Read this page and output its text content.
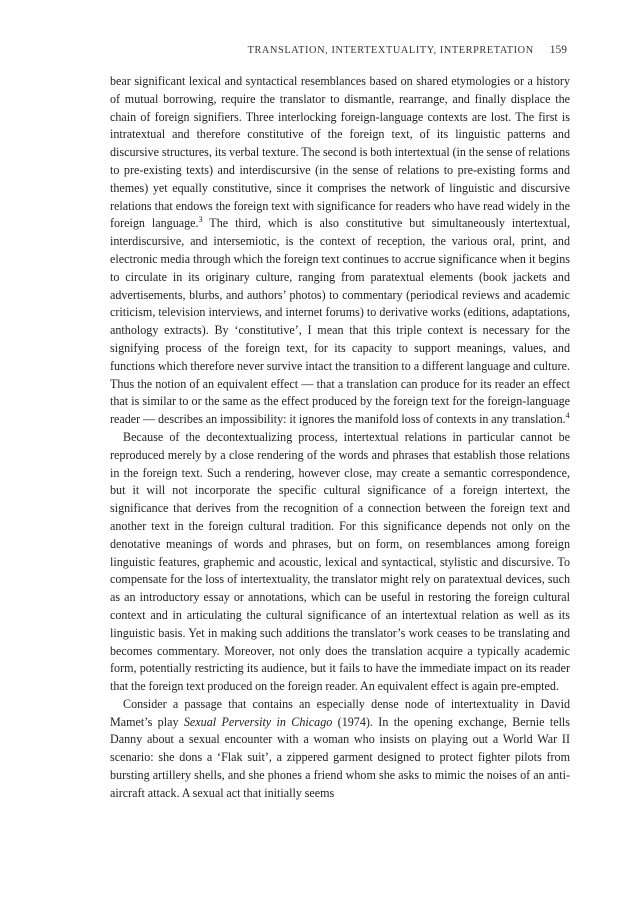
TRANSLATION, INTERTEXTUALITY, INTERPRETATION 159

bear significant lexical and syntactical resemblances based on shared etymologies or a history of mutual borrowing, require the translator to dismantle, rearrange, and finally displace the chain of foreign signifiers. Three interlocking foreign-language contexts are lost. The first is intratextual and therefore constitutive of the foreign text, of its linguistic patterns and discursive structures, its verbal texture. The second is both intertextual (in the sense of relations to pre-existing texts) and interdiscursive (in the sense of relations to pre-existing forms and themes) yet equally constitutive, since it comprises the network of linguistic and discursive relations that endows the foreign text with significance for readers who have read widely in the foreign language.$^3$ The third, which is also constitutive but simultaneously intertextual, interdiscursive, and intersemiotic, is the context of reception, the various oral, print, and electronic media through which the foreign text continues to accrue significance when it begins to circulate in its originary culture, ranging from paratextual elements (book jackets and advertisements, blurbs, and authors’ photos) to commentary (periodical reviews and academic criticism, television interviews, and internet forums) to derivative works (editions, adaptations, anthology extracts). By ‘constitutive’, I mean that this triple context is necessary for the signifying process of the foreign text, for its capacity to support meanings, values, and functions which therefore never survive intact the transition to a different language and culture. Thus the notion of an equivalent effect — that a translation can produce for its reader an effect that is similar to or the same as the effect produced by the foreign text for the foreign-language reader — describes an impossibility: it ignores the manifold loss of contexts in any translation.$^4$

Because of the decontextualizing process, intertextual relations in particular cannot be reproduced merely by a close rendering of the words and phrases that establish those relations in the foreign text. Such a rendering, however close, may create a semantic correspondence, but it will not incorporate the specific cultural significance of a foreign intertext, the significance that derives from the recognition of a connection between the foreign text and another text in the foreign cultural tradition. For this significance depends not only on the denotative meanings of words and phrases, but on form, on resemblances among foreign linguistic features, graphemic and acoustic, lexical and syntactical, stylistic and discursive. To compensate for the loss of intertextuality, the translator might rely on paratextual devices, such as an introductory essay or annotations, which can be useful in restoring the foreign cultural context and in articulating the cultural significance of an intertextual relation as well as its linguistic basis. Yet in making such additions the translator’s work ceases to be translating and becomes commentary. Moreover, not only does the translation acquire a typically academic form, potentially restricting its audience, but it fails to have the immediate impact on its reader that the foreign text produced on the foreign reader. An equivalent effect is again pre-empted.

Consider a passage that contains an especially dense node of intertextuality in David Mamet’s play Sexual Perversity in Chicago (1974). In the opening exchange, Bernie tells Danny about a sexual encounter with a woman who insists on playing out a World War II scenario: she dons a ‘Flak suit’, a zippered garment designed to protect fighter pilots from bursting artillery shells, and she phones a friend whom she asks to mimic the noises of an anti-aircraft attack. A sexual act that initially seems
